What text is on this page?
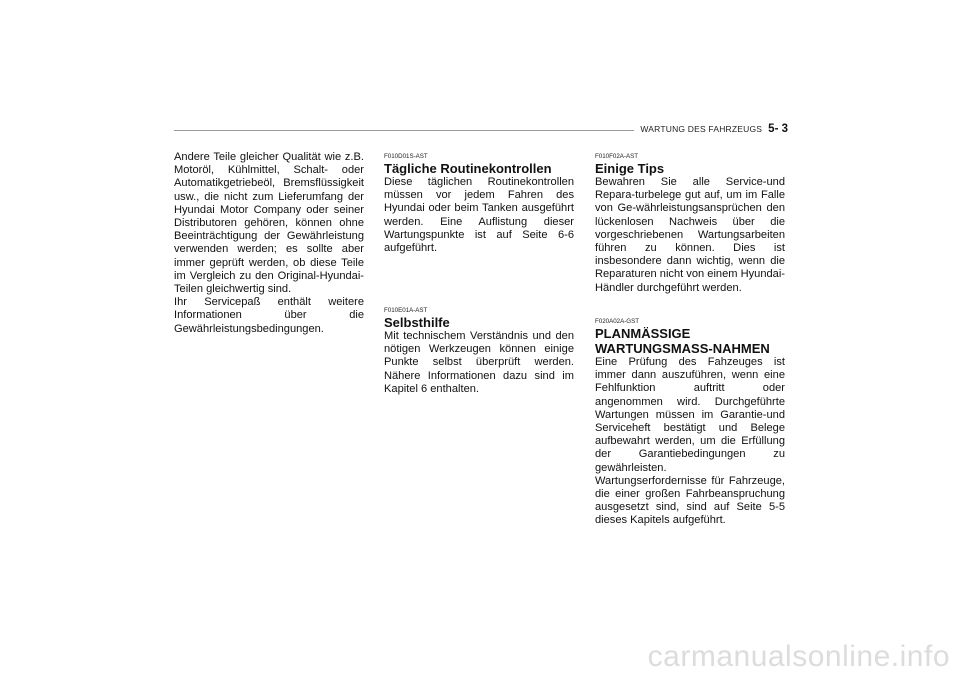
WARTUNG DES FAHRZEUGS 5- 3

Andere Teile gleicher Qualität wie z.B. Motoröl, Kühlmittel, Schalt- oder Automatikgetriebeöl, Bremsflüssigkeit usw., die nicht zum Lieferumfang der Hyundai Motor Company oder seiner Distributoren gehören, können ohne Beeinträchtigung der Gewährleistung verwenden werden; es sollte aber immer geprüft werden, ob diese Teile im Vergleich zu den Original-Hyundai-Teilen gleichwertig sind.
Ihr Servicepaß enthält weitere Informationen über die Gewährleistungsbedingungen.

F010D01S-AST

Tägliche Routinekontrollen

Diese täglichen Routinekontrollen müssen vor jedem Fahren des Hyundai oder beim Tanken ausgeführt werden. Eine Auflistung dieser Wartungspunkte ist auf Seite 6-6 aufgeführt.

F010E01A-AST

Selbsthilfe

Mit technischem Verständnis und den nötigen Werkzeugen können einige Punkte selbst überprüft werden. Nähere Informationen dazu sind im Kapitel 6 enthalten.

F010F02A-AST

Einige Tips

Bewahren Sie alle Service-und Repara-turbelege gut auf, um im Falle von Ge-währleistungsansprüchen den lückenlosen Nachweis über die vorgeschriebenen Wartungsarbeiten führen zu können. Dies ist insbesondere dann wichtig, wenn die Reparaturen nicht von einem Hyundai-Händler durchgeführt werden.

F020A02A-GST

PLANMÄSSIGE WARTUNGSMASS-NAHMEN

Eine Prüfung des Fahzeuges ist immer dann auszuführen, wenn eine Fehlfunktion auftritt oder angenommen wird. Durchgeführte Wartungen müssen im Garantie-und Serviceheft bestätigt und Belege aufbewahrt werden, um die Erfüllung der Garantiebedingungen zu gewährleisten.
Wartungserfordernisse für Fahrzeuge, die einer großen Fahrbeanspruchung ausgesetzt sind, sind auf Seite 5-5 dieses Kapitels aufgeführt.

carmanualsonline.info
